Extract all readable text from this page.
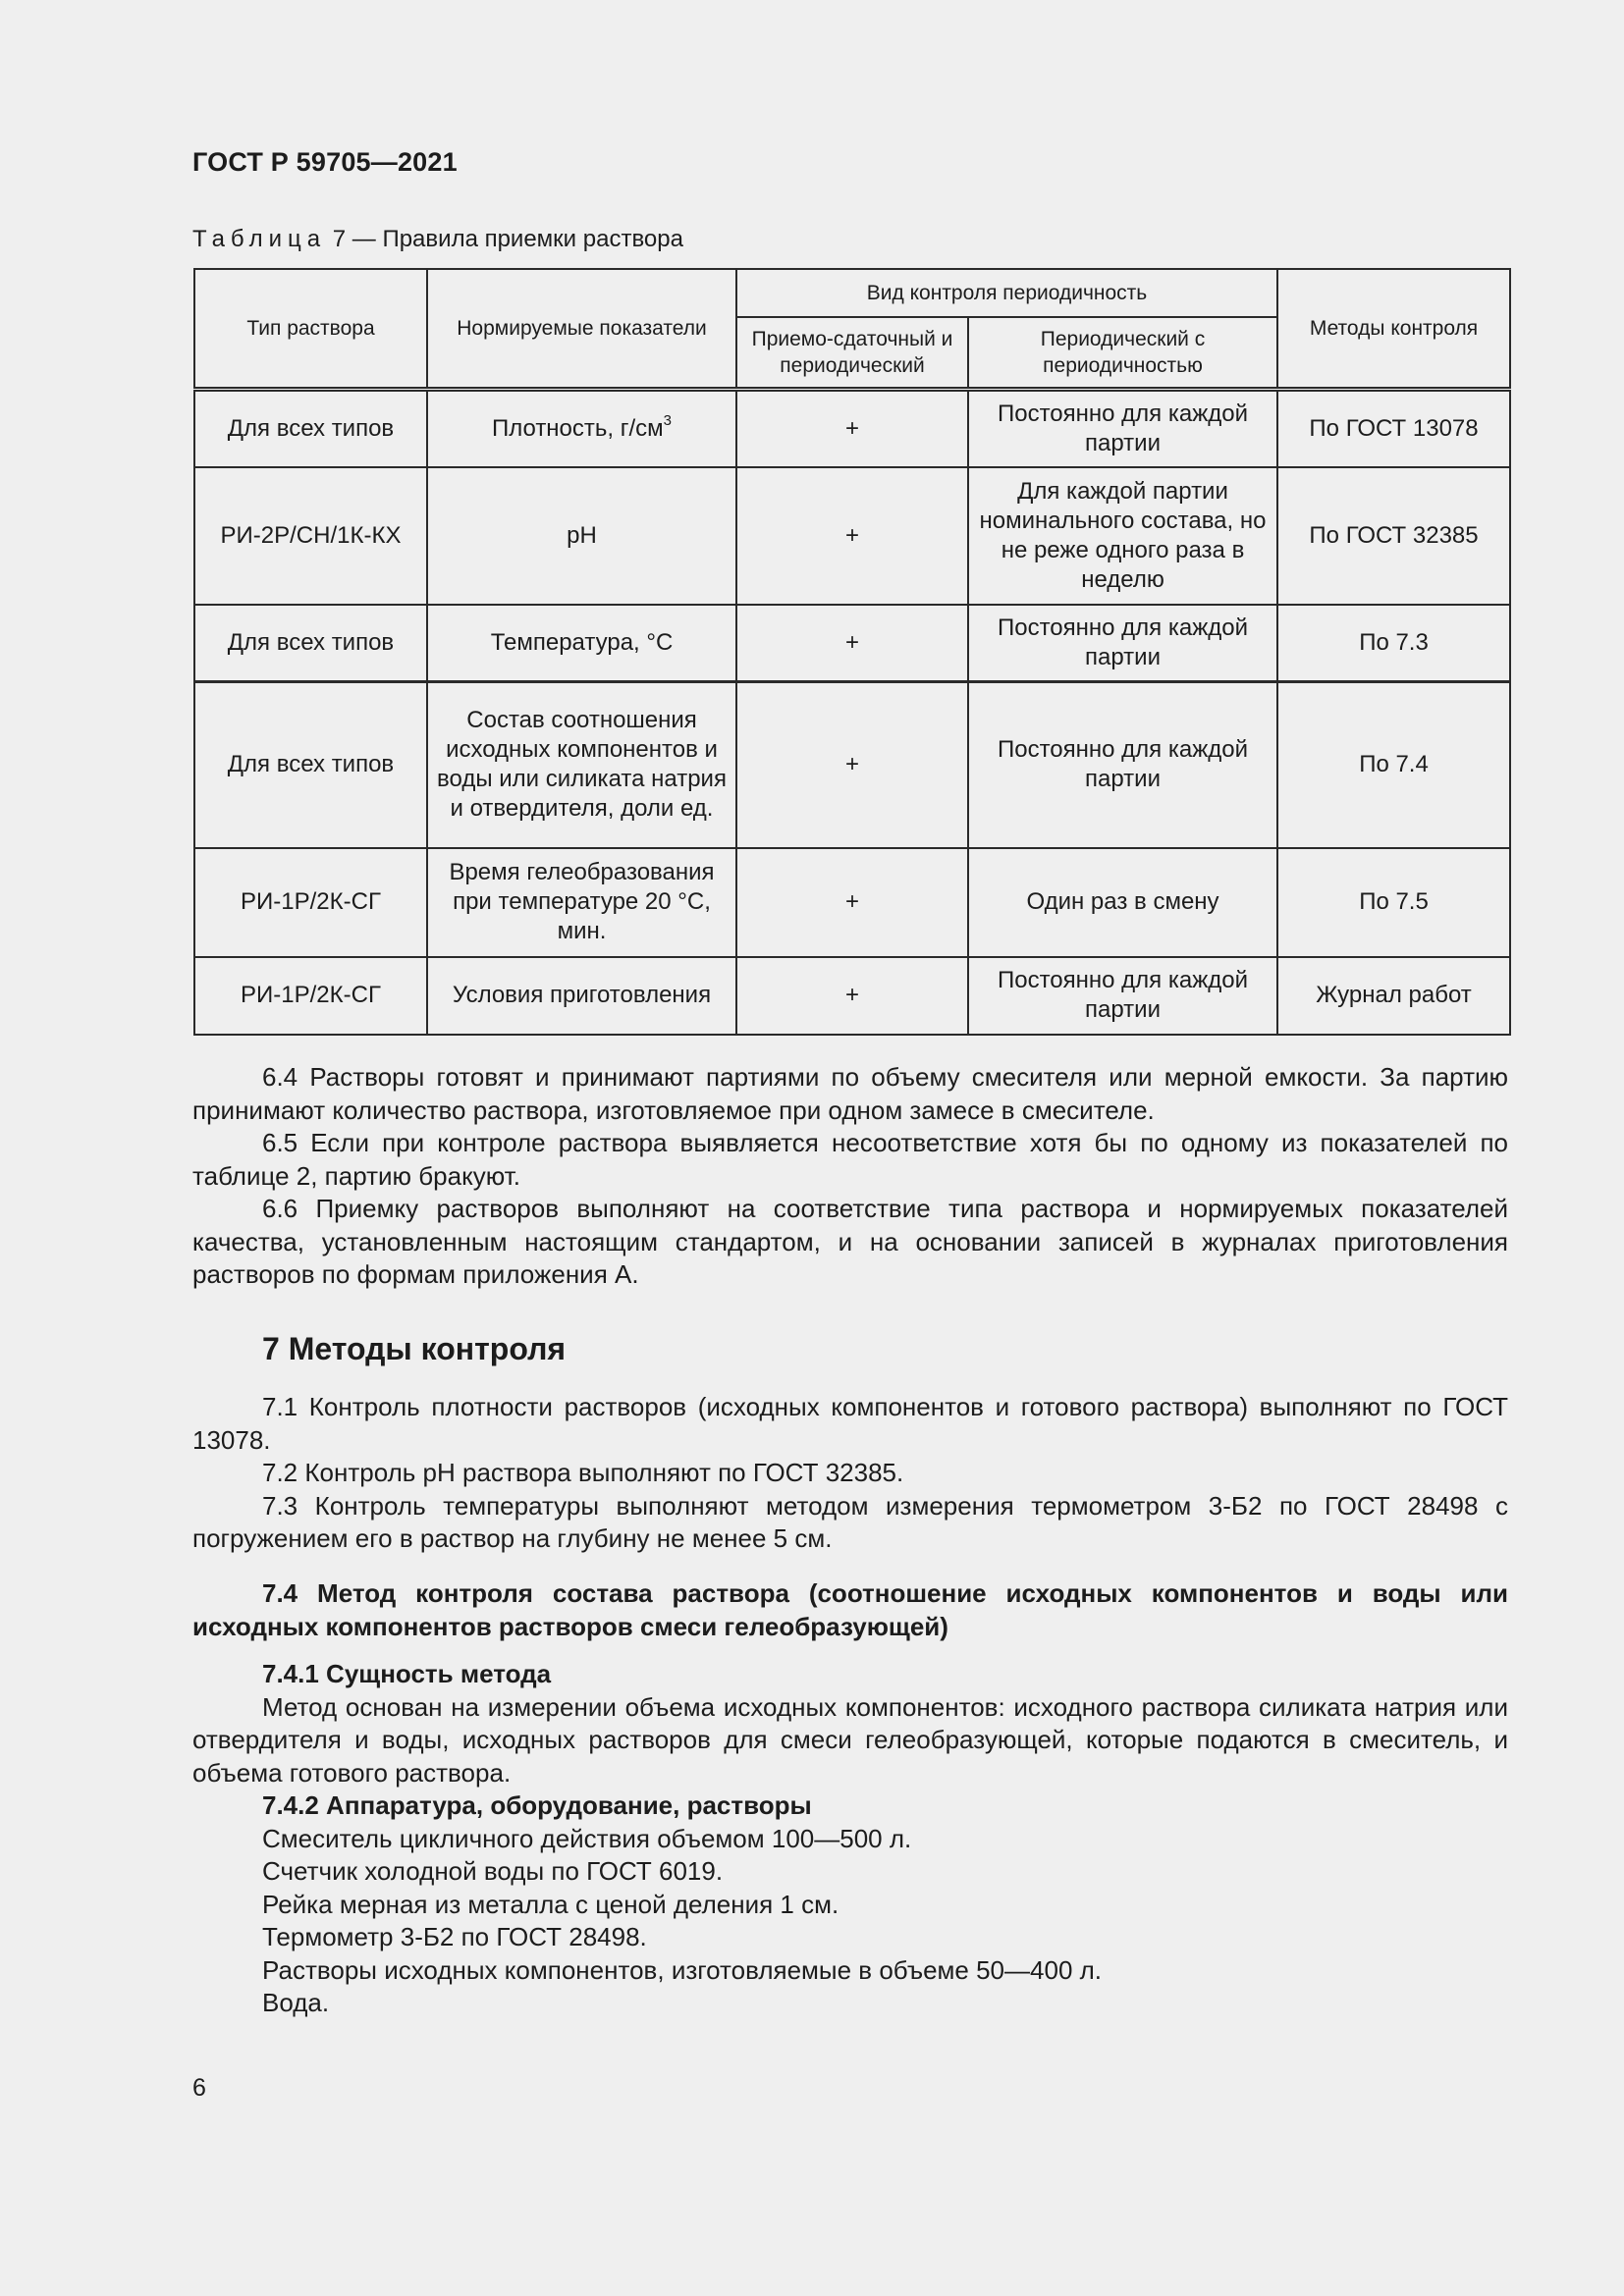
ГОСТ Р 59705—2021
Таблица 7 — Правила приемки раствора
Тип раствора	Нормируемые показатели	Вид контроля периодичность		Методы контроля
		Приемо-сдаточный и периодический	Периодический с периодичностью	
Для всех типов	Плотность, $г/см^3$	+	Постоянно для каждой партии	По ГОСТ 13078
РИ-2Р/СН/1К-КХ	pH	+	Для каждой партии номинального состава, но не реже одного раза в неделю	По ГОСТ 32385
Для всех типов	Температура, °С	+	Постоянно для каждой партии	По 7.3
Для всех типов	Состав соотношения исходных компонентов и воды или силиката натрия и отвердителя, доли ед.	+	Постоянно для каждой партии	По 7.4
РИ-1Р/2К-СГ	Время гелеобразования при температуре 20 °С, мин.	+	Один раз в смену	По 7.5
РИ-1Р/2К-СГ	Условия приготовления	+	Постоянно для каждой партии	Журнал работ

6.4 Растворы готовят и принимают партиями по объему смесителя или мерной емкости. За партию принимают количество раствора, изготовляемое при одном замесе в смесителе.

6.5 Если при контроле раствора выявляется несоответствие хотя бы по одному из показателей по таблице 2, партию бракуют.

6.6 Приемку растворов выполняют на соответствие типа раствора и нормируемых показателей качества, установленным настоящим стандартом, и на основании записей в журналах приготовления растворов по формам приложения А.

7 Методы контроля

7.1 Контроль плотности растворов (исходных компонентов и готового раствора) выполняют по ГОСТ 13078.

7.2 Контроль pH раствора выполняют по ГОСТ 32385.

7.3 Контроль температуры выполняют методом измерения термометром 3-Б2 по ГОСТ 28498 с погружением его в раствор на глубину не менее 5 см.

7.4 Метод контроля состава раствора (соотношение исходных компонентов и воды или исходных компонентов растворов смеси гелеобразующей)

7.4.1 Сущность метода

Метод основан на измерении объема исходных компонентов: исходного раствора силиката натрия или отвердителя и воды, исходных растворов для смеси гелеобразующей, которые подаются в смеситель, и объема готового раствора.

7.4.2 Аппаратура, оборудование, растворы

Смеситель цикличного действия объемом 100—500 л.

Счетчик холодной воды по ГОСТ 6019.

Рейка мерная из металла с ценой деления 1 см.

Термометр 3-Б2 по ГОСТ 28498.

Растворы исходных компонентов, изготовляемые в объеме 50—400 л.

Вода.

6
